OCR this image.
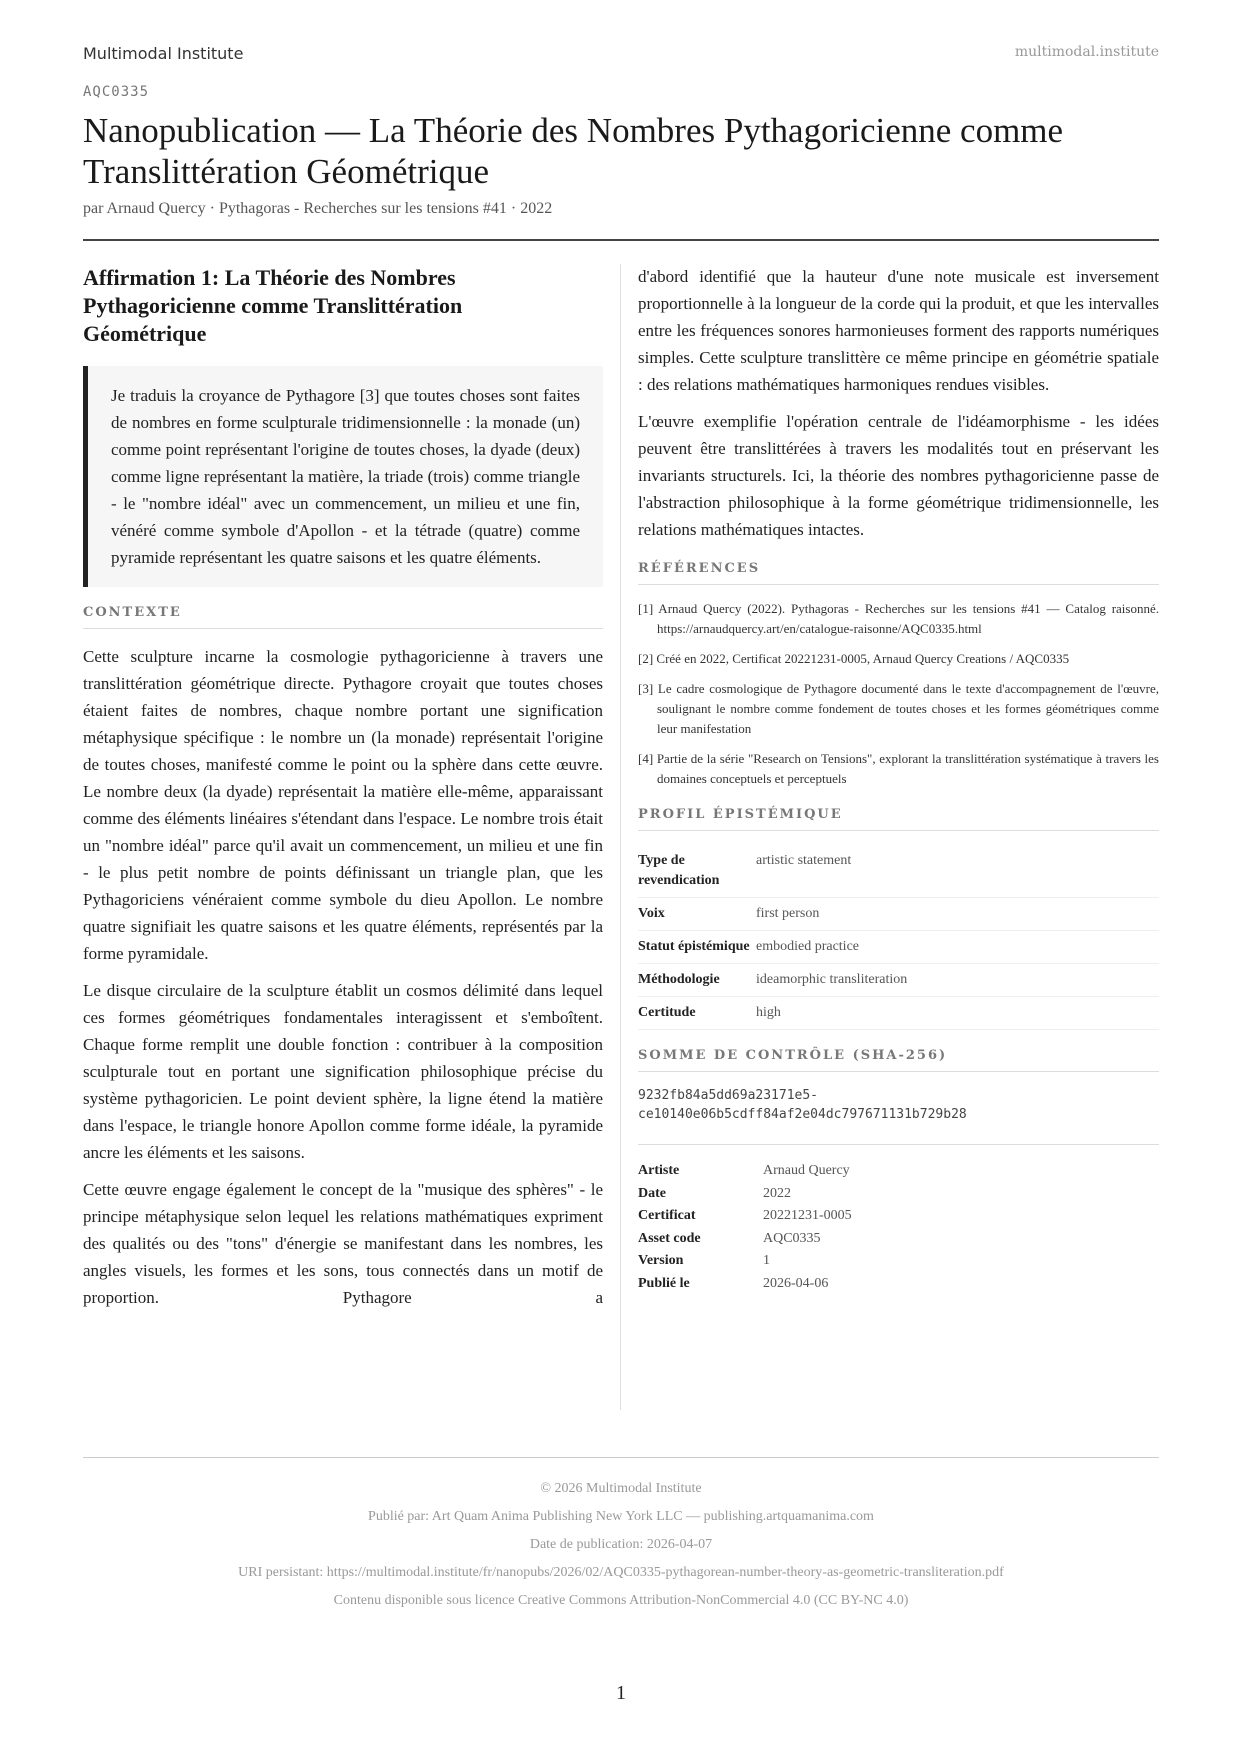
Multimodal Institute	multimodal.institute
AQC0335
Nanopublication — La Théorie des Nombres Pythagoricienne comme Translittération Géométrique
par Arnaud Quercy · Pythagoras - Recherches sur les tensions #41 · 2022
Affirmation 1: La Théorie des Nombres Pythagoricienne comme Translittération Géométrique
Je traduis la croyance de Pythagore [3] que toutes choses sont faites de nombres en forme sculpturale tridimensionnelle : la monade (un) comme point représentant l'origine de toutes choses, la dyade (deux) comme ligne représentant la matière, la triade (trois) comme triangle - le "nombre idéal" avec un commencement, un milieu et une fin, vénéré comme symbole d'Apollon - et la tétrade (quatre) comme pyramide représentant les quatre saisons et les quatre éléments.
CONTEXTE

Cette sculpture incarne la cosmologie pythagoricienne à travers une translittération géométrique directe. Pythagore croyait que toutes choses étaient faites de nombres, chaque nombre portant une signification métaphysique spécifique : le nombre un (la monade) représentait l'origine de toutes choses, manifesté comme le point ou la sphère dans cette œuvre. Le nombre deux (la dyade) représentait la matière elle-même, apparaissant comme des éléments linéaires s'étendant dans l'espace. Le nombre trois était un "nombre idéal" parce qu'il avait un commencement, un milieu et une fin - le plus petit nombre de points définissant un triangle plan, que les Pythagoriciens vénéraient comme symbole du dieu Apollon. Le nombre quatre signifiait les quatre saisons et les quatre éléments, représentés par la forme pyramidale.

Le disque circulaire de la sculpture établit un cosmos délimité dans lequel ces formes géométriques fondamentales interagissent et s'emboîtent. Chaque forme remplit une double fonction : contribuer à la composition sculpturale tout en portant une signification philosophique précise du système pythagoricien. Le point devient sphère, la ligne étend la matière dans l'espace, le triangle honore Apollon comme forme idéale, la pyramide ancre les éléments et les saisons.

Cette œuvre engage également le concept de la "musique des sphères" - le principe métaphysique selon lequel les relations mathématiques expriment des qualités ou des "tons" d'énergie se manifestant dans les nombres, les angles visuels, les formes et les sons, tous connectés dans un motif de proportion. Pythagore a

d'abord identifié que la hauteur d'une note musicale est inversement proportionnelle à la longueur de la corde qui la produit, et que les intervalles entre les fréquences sonores harmonieuses forment des rapports numériques simples. Cette sculpture translittère ce même principe en géométrie spatiale : des relations mathématiques harmoniques rendues visibles.

L'œuvre exemplifie l'opération centrale de l'idéamorphisme - les idées peuvent être translittérées à travers les modalités tout en préservant les invariants structurels. Ici, la théorie des nombres pythagoricienne passe de l'abstraction philosophique à la forme géométrique tridimensionnelle, les relations mathématiques intactes.

RÉFÉRENCES
[1] Arnaud Quercy (2022). Pythagoras - Recherches sur les tensions #41 — Catalog raisonné. https://arnaudquercy.art/en/catalogue-raisonne/AQC0335.html
[2] Créé en 2022, Certificat 20221231-0005, Arnaud Quercy Creations / AQC0335
[3] Le cadre cosmologique de Pythagore documenté dans le texte d'accompagnement de l'œuvre, soulignant le nombre comme fondement de toutes choses et les formes géométriques comme leur manifestation
[4] Partie de la série "Research on Tensions", explorant la translittération systématique à travers les domaines conceptuels et perceptuels
PROFIL ÉPISTÉMIQUE
Type de revendication	artistic statement
Voix	first person
Statut épistémique	embodied practice
Méthodologie	ideamorphic transliteration
Certitude	high
SOMME DE CONTRÔLE (SHA-256)
9232fb84a5dd69a23171e5-
ce10140e06b5cdff84af2e04dc797671131b729b28
Artiste	Arnaud Quercy
Date	2022
Certificat	20221231-0005
Asset code	AQC0335
Version	1
Publié le	2026-04-06
© 2026 Multimodal Institute
Publié par: Art Quam Anima Publishing New York LLC — publishing.artquamanima.com
Date de publication: 2026-04-07
URI persistant: https://multimodal.institute/fr/nanopubs/2026/02/AQC0335-pythagorean-number-theory-as-geometric-transliteration.pdf
Contenu disponible sous licence Creative Commons Attribution-NonCommercial 4.0 (CC BY-NC 4.0)
1
